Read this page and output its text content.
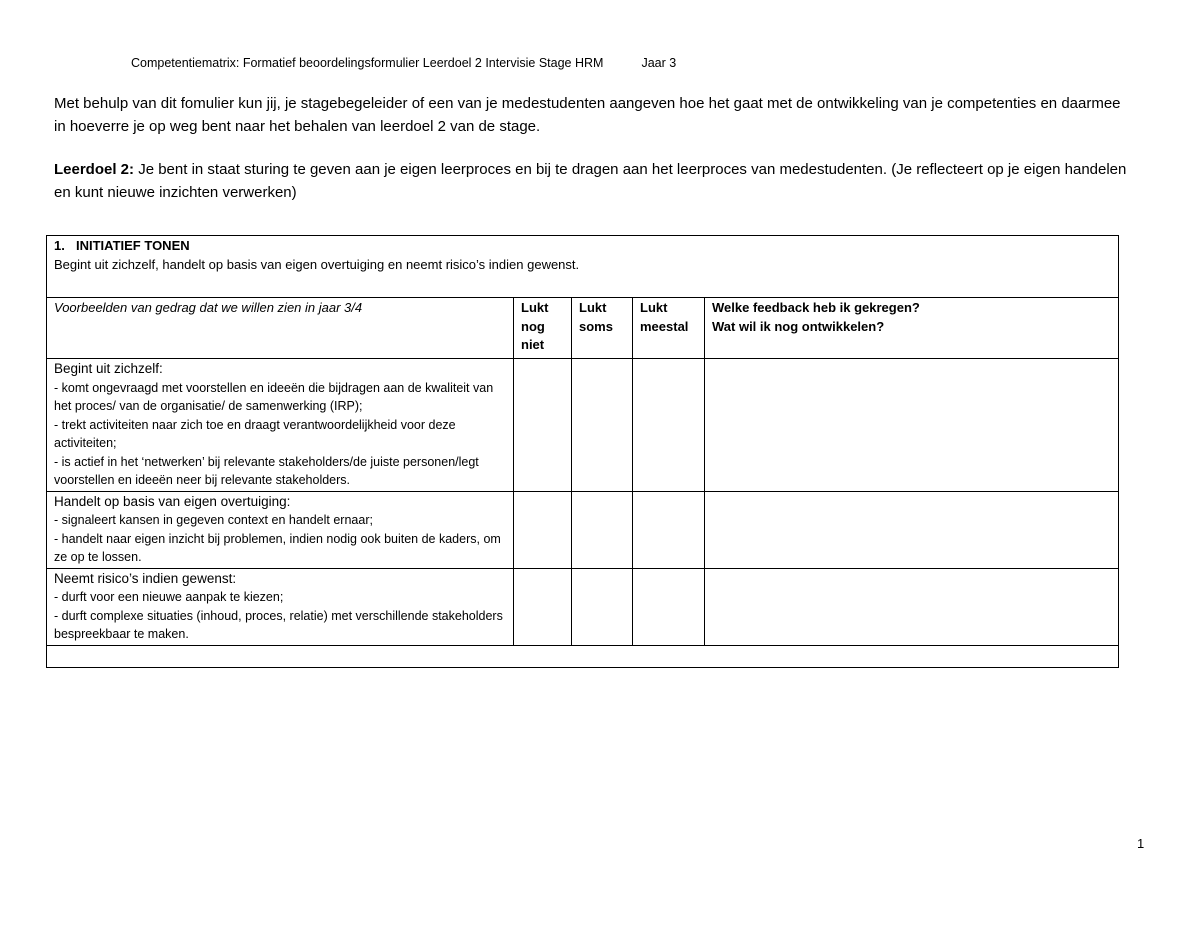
Competentiematrix: Formatief beoordelingsformulier Leerdoel 2 Intervisie Stage HRM	Jaar 3
Met behulp van dit fomulier kun jij, je stagebegeleider of een van je medestudenten aangeven hoe het gaat met de ontwikkeling van je competenties en daarmee in hoeverre je op weg bent naar het behalen van leerdoel 2 van de stage.
Leerdoel 2: Je bent in staat sturing te geven aan je eigen leerproces en bij te dragen aan het leerproces van medestudenten. (Je reflecteert op je eigen handelen en kunt nieuwe inzichten verwerken)
1. INITIATIEF TONEN
Begint uit zichzelf, handelt op basis van eigen overtuiging en neemt risico’s indien gewenst.				

Voorbeelden van gedrag dat we willen zien in jaar 3/4	Lukt nog niet	Lukt soms	Lukt meestal	Welke feedback heb ik gekregen?
Wat wil ik nog ontwikkelen?

Begint uit zichzelf:
- komt ongevraagd met voorstellen en ideeën die bijdragen aan de kwaliteit van het proces/ van de organisatie/ de samenwerking (IRP);
- trekt activiteiten naar zich toe en draagt verantwoordelijkheid voor deze activiteiten;
- is actief in het ‘netwerken’ bij relevante stakeholders/de juiste personen/legt voorstellen en ideeën neer bij relevante stakeholders.				

Handelt op basis van eigen overtuiging:
- signaleert kansen in gegeven context en handelt ernaar;
- handelt naar eigen inzicht bij problemen, indien nodig ook buiten de kaders, om ze op te lossen.				

Neemt risico’s indien gewenst:
- durft voor een nieuwe aanpak te kiezen;
- durft complexe situaties (inhoud, proces, relatie) met verschillende stakeholders bespreekbaar te maken.				

1
